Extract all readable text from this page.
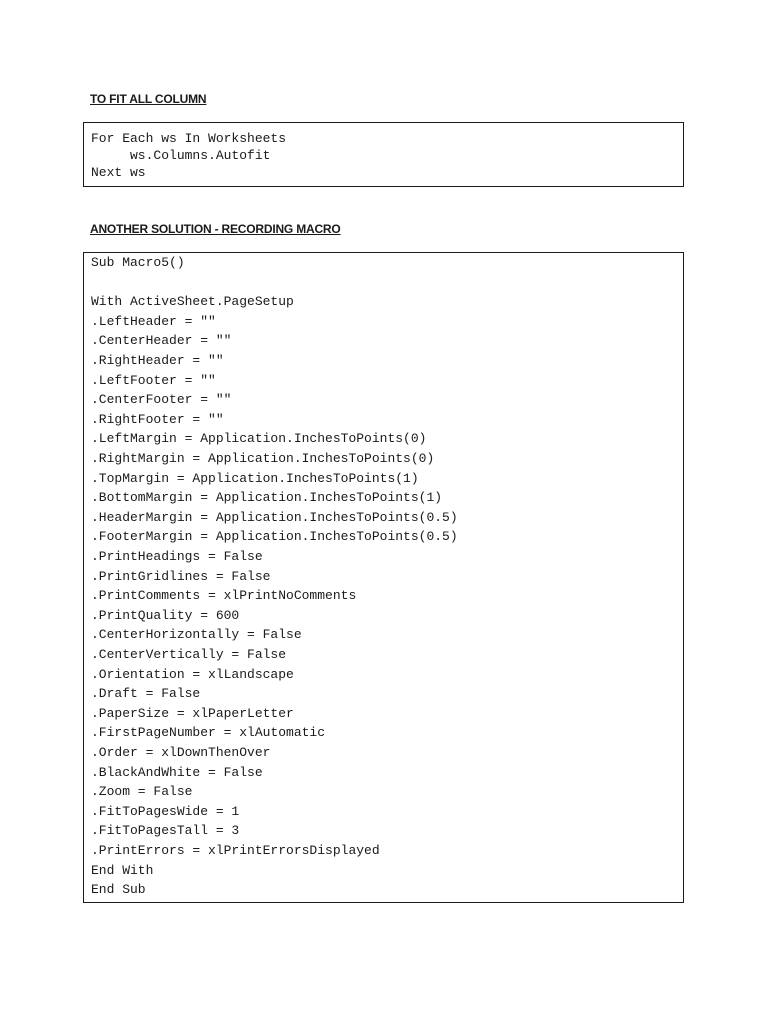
TO FIT ALL COLUMN
For Each ws In Worksheets
ws.Columns.Autofit
Next ws
ANOTHER SOLUTION - RECORDING MACRO
Sub Macro5()
With ActiveSheet.PageSetup
.LeftHeader = ""
.CenterHeader = ""
.RightHeader = ""
.LeftFooter = ""
.CenterFooter = ""
.RightFooter = ""
.LeftMargin = Application.InchesToPoints(0)
.RightMargin = Application.InchesToPoints(0)
.TopMargin = Application.InchesToPoints(1)
.BottomMargin = Application.InchesToPoints(1)
.HeaderMargin = Application.InchesToPoints(0.5)
.FooterMargin = Application.InchesToPoints(0.5)
.PrintHeadings = False
.PrintGridlines = False
.PrintComments = xlPrintNoComments
.PrintQuality = 600
.CenterHorizontally = False
.CenterVertically = False
.Orientation = xlLandscape
.Draft = False
.PaperSize = xlPaperLetter
.FirstPageNumber = xlAutomatic
.Order = xlDownThenOver
.BlackAndWhite = False
.Zoom = False
.FitToPagesWide = 1
.FitToPagesTall = 3
.PrintErrors = xlPrintErrorsDisplayed
End With
End Sub
